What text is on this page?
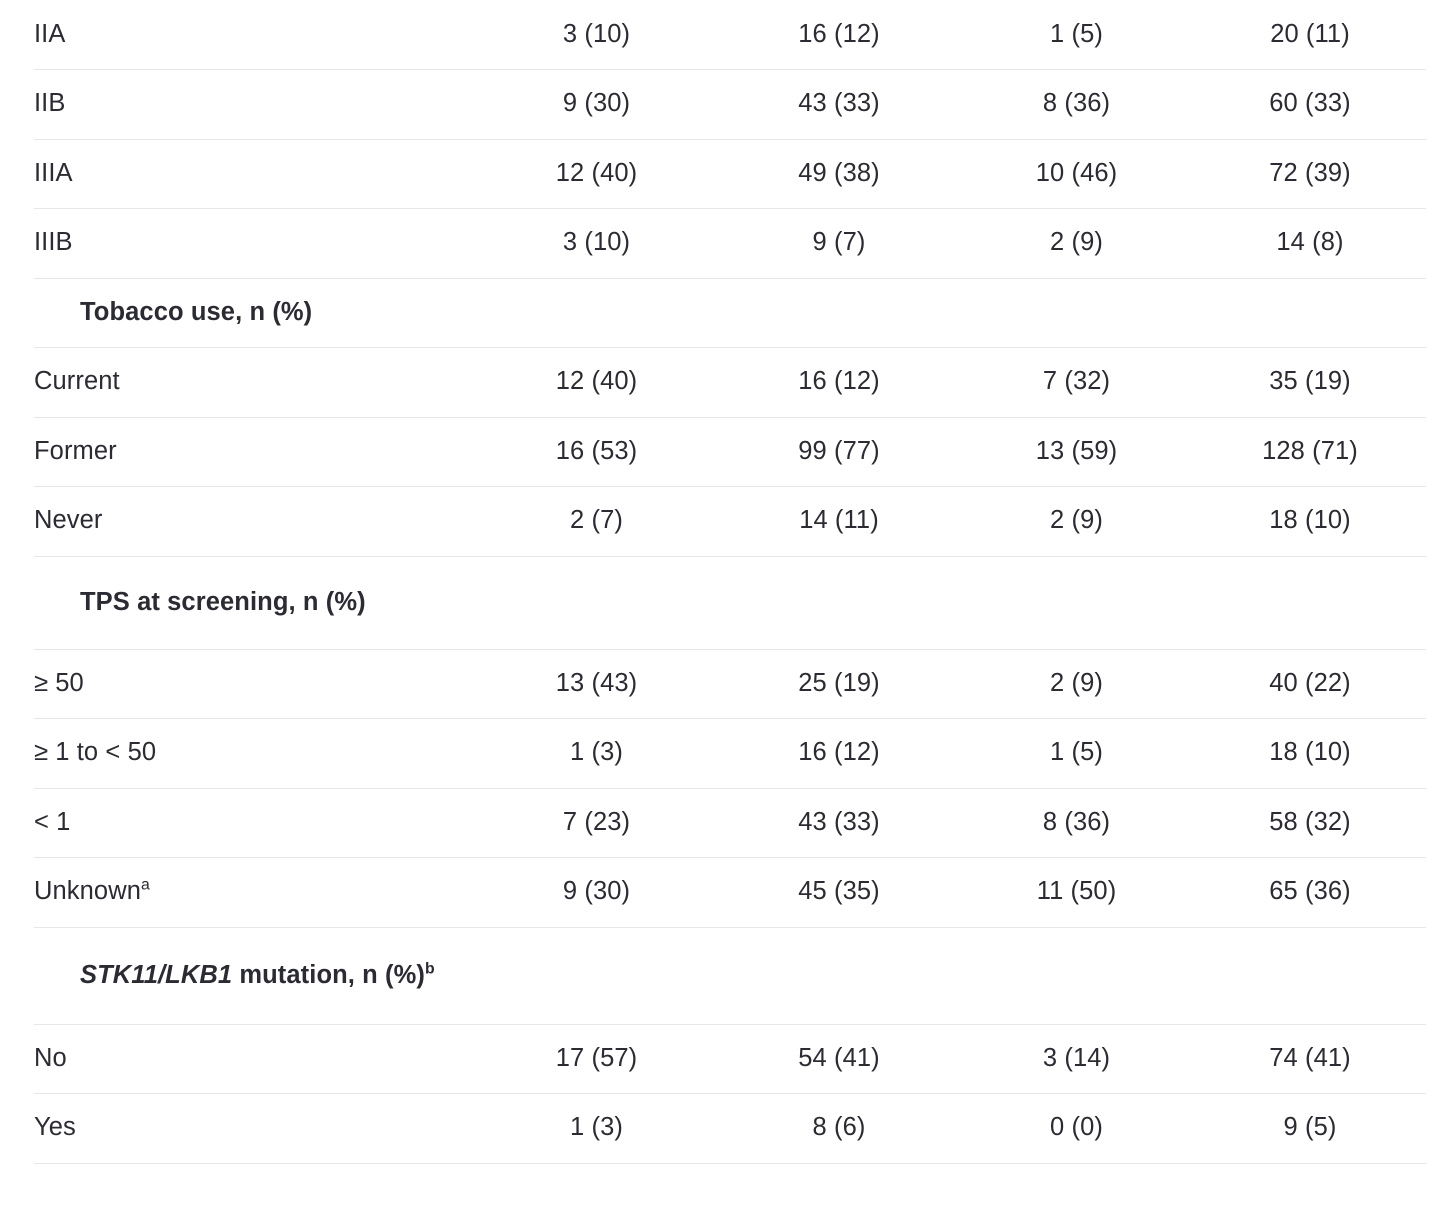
IIA	3 (10)	16 (12)	1 (5)	20 (11)
IIB	9 (30)	43 (33)	8 (36)	60 (33)
IIIA	12 (40)	49 (38)	10 (46)	72 (39)
IIIB	3 (10)	9 (7)	2 (9)	14 (8)
Tobacco use, n (%)				
Current	12 (40)	16 (12)	7 (32)	35 (19)
Former	16 (53)	99 (77)	13 (59)	128 (71)
Never	2 (7)	14 (11)	2 (9)	18 (10)
TPS at screening, n (%)				
≥ 50	13 (43)	25 (19)	2 (9)	40 (22)
≥ 1 to < 50	1 (3)	16 (12)	1 (5)	18 (10)
< 1	7 (23)	43 (33)	8 (36)	58 (32)
Unknown$^a$	9 (30)	45 (35)	11 (50)	65 (36)
STK11/LKB1 mutation, n (%)$^b$				
No	17 (57)	54 (41)	3 (14)	74 (41)
Yes	1 (3)	8 (6)	0 (0)	9 (5)
